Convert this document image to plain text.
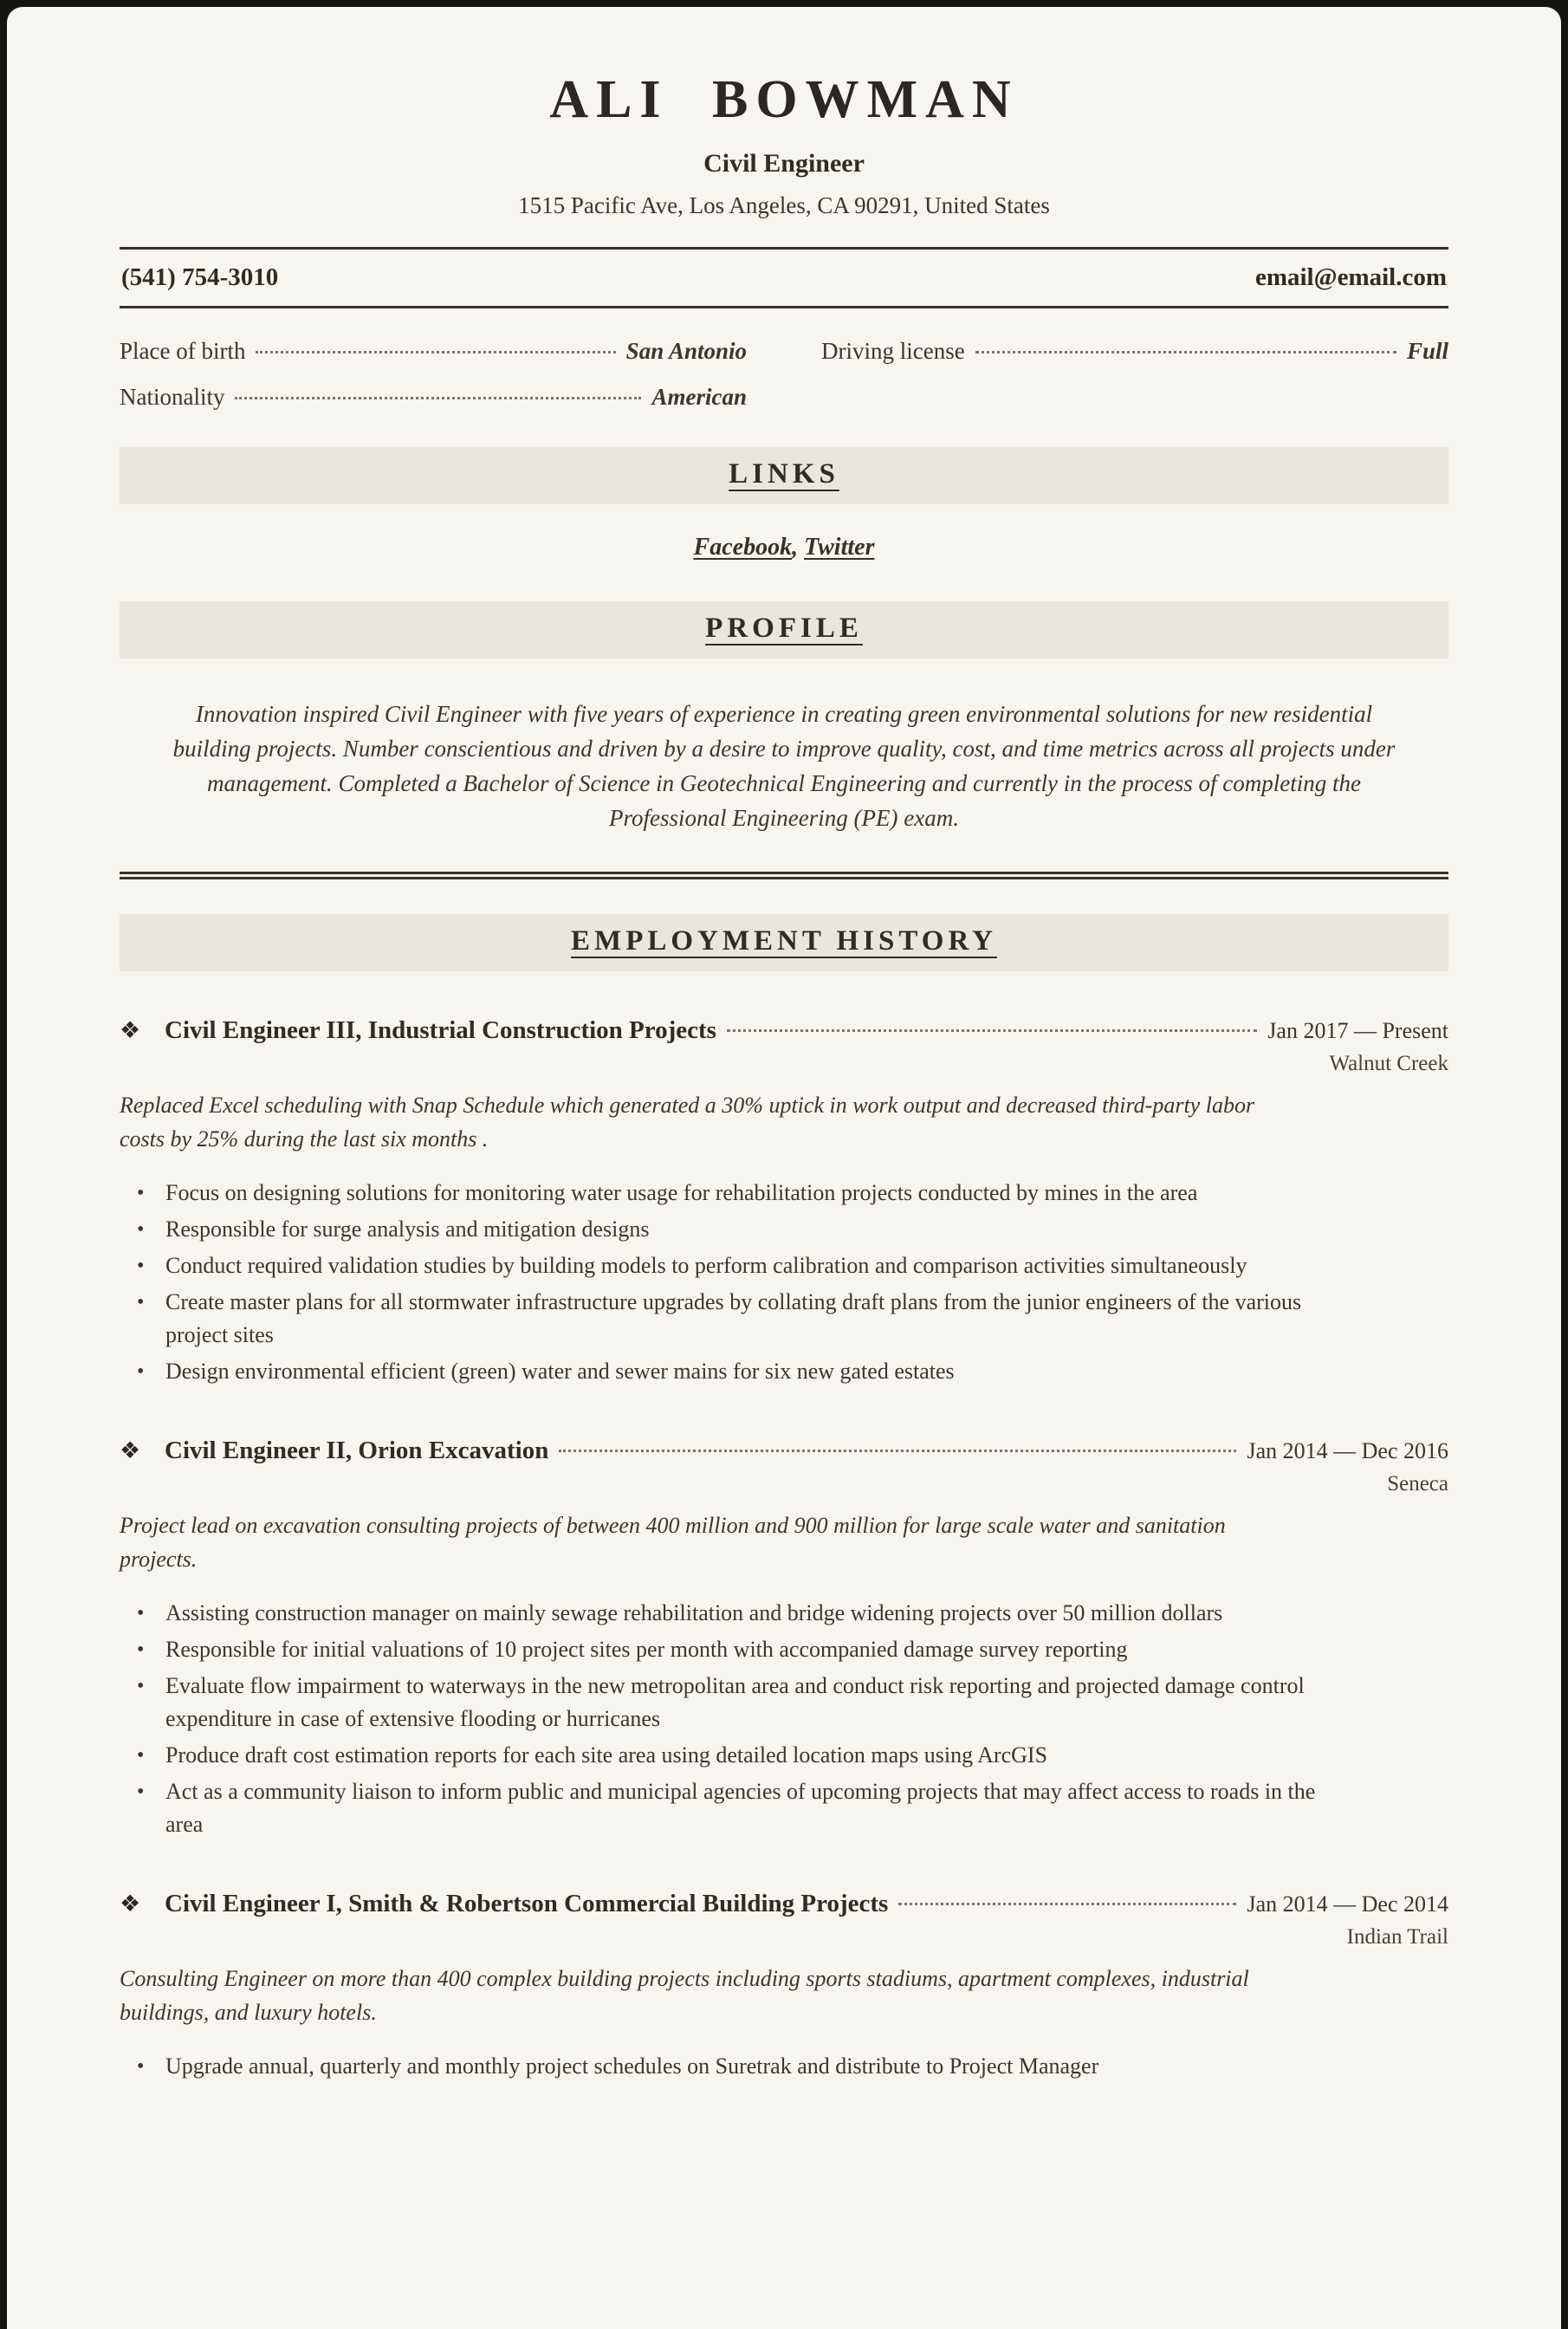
ALI BOWMAN
Civil Engineer
1515 Pacific Ave, Los Angeles, CA 90291, United States
(541) 754-3010	email@email.com
Place of birth	San Antonio	Driving license	Full
Nationality	American
LINKS
Facebook, Twitter
PROFILE

Innovation inspired Civil Engineer with five years of experience in creating green environmental solutions for new residential building projects. Number conscientious and driven by a desire to improve quality, cost, and time metrics across all projects under management. Completed a Bachelor of Science in Geotechnical Engineering and currently in the process of completing the Professional Engineering (PE) exam.

EMPLOYMENT HISTORY
❖ Civil Engineer III, Industrial Construction Projects	Jan 2017 — Present
Walnut Creek

Replaced Excel scheduling with Snap Schedule which generated a 30% uptick in work output and decreased third-party labor costs by 25% during the last six months .

• Focus on designing solutions for monitoring water usage for rehabilitation projects conducted by mines in the area
• Responsible for surge analysis and mitigation designs
• Conduct required validation studies by building models to perform calibration and comparison activities simultaneously
• Create master plans for all stormwater infrastructure upgrades by collating draft plans from the junior engineers of the various project sites
• Design environmental efficient (green) water and sewer mains for six new gated estates
❖ Civil Engineer II, Orion Excavation	Jan 2014 — Dec 2016
Seneca

Project lead on excavation consulting projects of between 400 million and 900 million for large scale water and sanitation projects.

• Assisting construction manager on mainly sewage rehabilitation and bridge widening projects over 50 million dollars
• Responsible for initial valuations of 10 project sites per month with accompanied damage survey reporting
• Evaluate flow impairment to waterways in the new metropolitan area and conduct risk reporting and projected damage control expenditure in case of extensive flooding or hurricanes
• Produce draft cost estimation reports for each site area using detailed location maps using ArcGIS
• Act as a community liaison to inform public and municipal agencies of upcoming projects that may affect access to roads in the area
❖ Civil Engineer I, Smith & Robertson Commercial Building Projects	Jan 2014 — Dec 2014
Indian Trail

Consulting Engineer on more than 400 complex building projects including sports stadiums, apartment complexes, industrial buildings, and luxury hotels.

• Upgrade annual, quarterly and monthly project schedules on Suretrak and distribute to Project Manager
